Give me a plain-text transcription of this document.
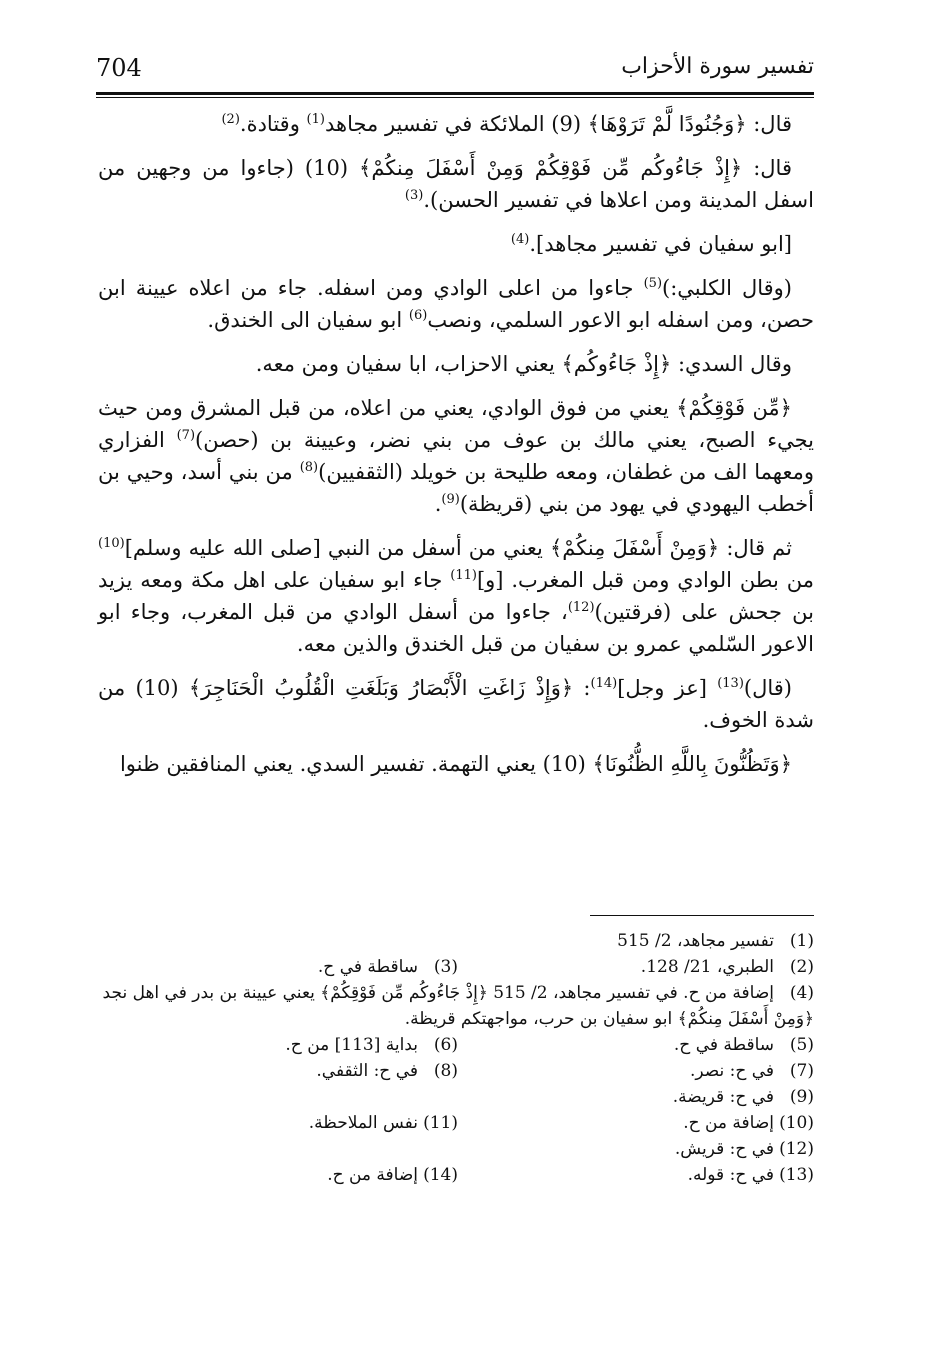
704	تفسير سورة الأحزاب

قال: ﴿وَجُنُودًا لَّمْ تَرَوْهَا﴾ (9) الملائكة في تفسير مجاهد$^{(1)}$ وقتادة.$^{(2)}$

قال: ﴿إِذْ جَاءُوكُم مِّن فَوْقِكُمْ وَمِنْ أَسْفَلَ مِنكُمْ﴾ (10) (جاءوا من وجهين من اسفل المدينة ومن اعلاها في تفسير الحسن).$^{(3)}$

[ابو سفيان في تفسير مجاهد].$^{(4)}$

(وقال الكلبي:)$^{(5)}$ جاءوا من اعلى الوادي ومن اسفله. جاء من اعلاه عيينة ابن حصن، ومن اسفله ابو الاعور السلمي، ونصب$^{(6)}$ ابو سفيان الى الخندق.

وقال السدي: ﴿إِذْ جَاءُوكُم﴾ يعني الاحزاب، ابا سفيان ومن معه.

﴿مِّن فَوْقِكُمْ﴾ يعني من فوق الوادي، يعني من اعلاه، من قبل المشرق ومن حيث يجيء الصبح، يعني مالك بن عوف من بني نضر، وعيينة بن (حصن)$^{(7)}$ الفزاري ومعهما الف من غطفان، ومعه طليحة بن خويلد (الثقفيين)$^{(8)}$ من بني أسد، وحيي بن أخطب اليهودي في يهود من بني (قريظة)$^{(9)}$.

ثم قال: ﴿وَمِنْ أَسْفَلَ مِنكُمْ﴾ يعني من أسفل من النبي [صلى الله عليه وسلم]$^{(10)}$ من بطن الوادي ومن قبل المغرب. [و]$^{(11)}$ جاء ابو سفيان على اهل مكة ومعه يزيد بن جحش على (فرقتين)$^{(12)}$، جاءوا من أسفل الوادي من قبل المغرب، وجاء ابو الاعور السّلمي عمرو بن سفيان من قبل الخندق والذين معه.

(قال)$^{(13)}$ [عز وجل]$^{(14)}$: ﴿وَإِذْ زَاغَتِ الْأَبْصَارُ وَبَلَغَتِ الْقُلُوبُ الْحَنَاجِرَ﴾ (10) من شدة الخوف.

﴿وَتَظُنُّونَ بِاللَّهِ الظُّنُونَا﴾ (10) يعني التهمة. تفسير السدي. يعني المنافقين ظنوا

(1)تفسير مجاهد، 2/ 515
(2)الطبري، 21/ 128.
(3)ساقطة في ح.
(4)إضافة من ح. في تفسير مجاهد، 2/ 515 ﴿إِذْ جَاءُوكُم مِّن فَوْقِكُمْ﴾ يعني عيينة بن بدر في اهل نجد ﴿وَمِنْ أَسْفَلَ مِنكُمْ﴾ ابو سفيان بن حرب، مواجهتكم قريظة.
(5)ساقطة في ح.
(6)بداية [113] من ح.
(7)في ح: نصر.
(8)في ح: الثقفي.
(9)في ح: قريضة.
(10)إضافة من ح.
(11)نفس الملاحظة.
(12)في ح: قريش.
(13)في ح: قوله.
(14)إضافة من ح.
